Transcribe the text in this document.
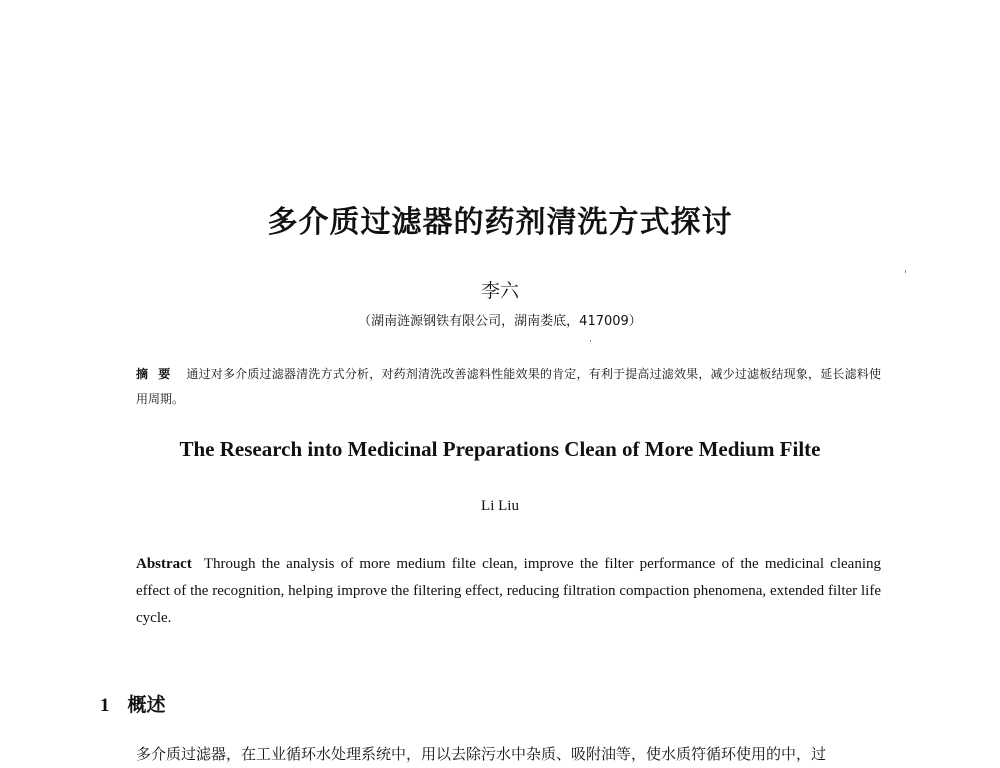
多介质过滤器的药剂清洗方式探讨
李六
（湖南涟源钢铁有限公司，湖南娄底，417009）
摘要 通过对多介质过滤器清洗方式分析，对药剂清洗改善滤料性能效果的肯定，有利于提高过滤效果，减少过滤板结现象，延长滤料使用周期。
The Research into Medicinal Preparations Clean of More Medium Filte
Li Liu
Abstract Through the analysis of more medium filte clean, improve the filter performance of the medicinal cleaning effect of the recognition, helping improve the filtering effect, reducing filtration compaction phenomena, extended filter life cycle.
1 概述
多介质过滤器，在工业循环水处理系统中，用以去除污水中杂质、吸附油等，使水质符循环使用的中，过
